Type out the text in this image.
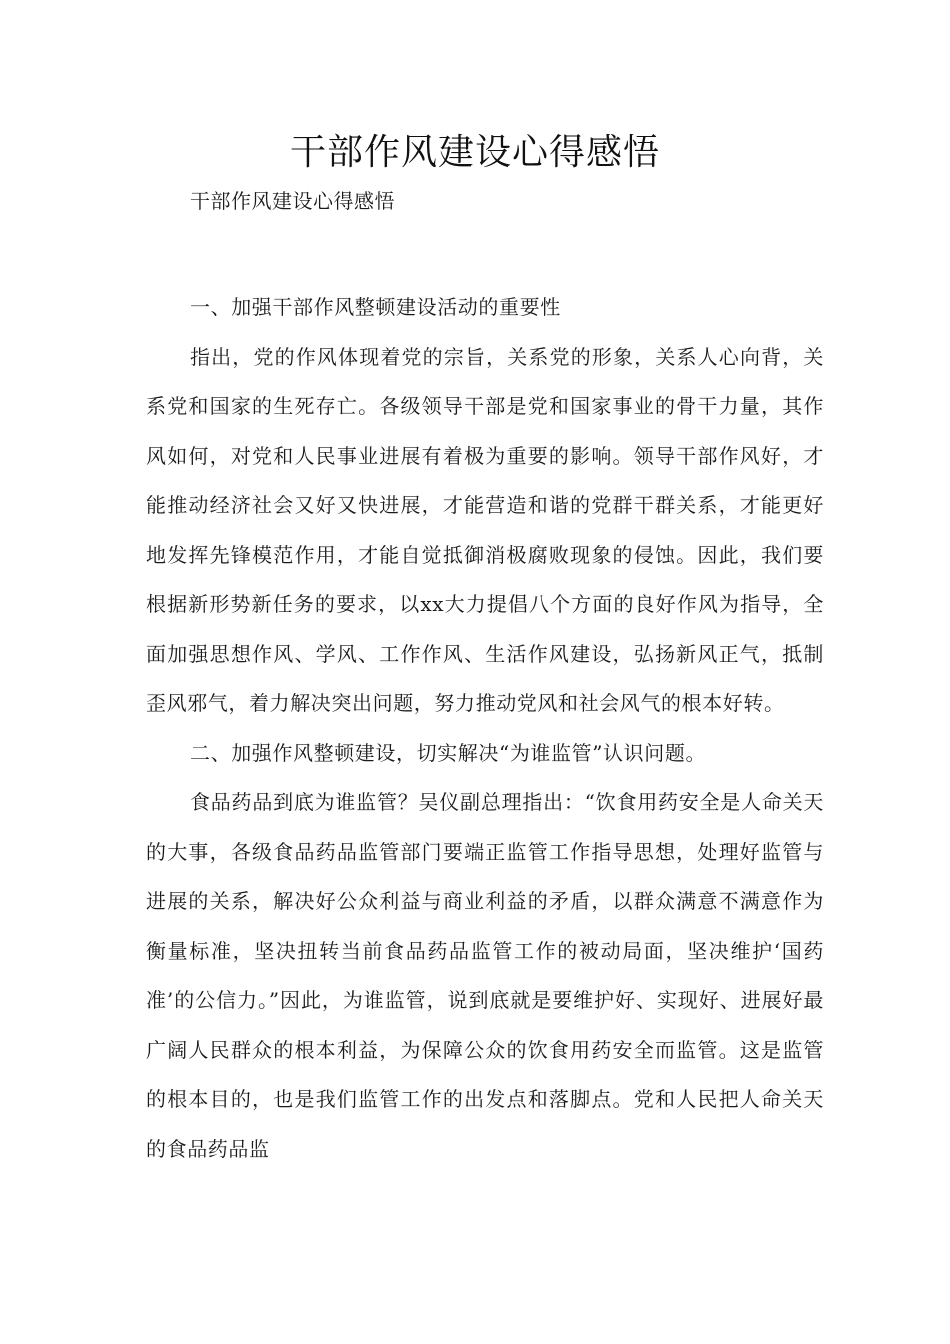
干部作风建设心得感悟
干部作风建设心得感悟

一、加强干部作风整顿建设活动的重要性

指出，党的作风体现着党的宗旨，关系党的形象，关系人心向背，关系党和国家的生死存亡。各级领导干部是党和国家事业的骨干力量，其作风如何，对党和人民事业进展有着极为重要的影响。领导干部作风好，才能推动经济社会又好又快进展，才能营造和谐的党群干群关系，才能更好地发挥先锋模范作用，才能自觉抵御消极腐败现象的侵蚀。因此，我们要根据新形势新任务的要求，以xx大力提倡八个方面的良好作风为指导，全面加强思想作风、学风、工作作风、生活作风建设，弘扬新风正气，抵制歪风邪气，着力解决突出问题，努力推动党风和社会风气的根本好转。

二、加强作风整顿建设，切实解决“为谁监管”认识问题。

食品药品到底为谁监管？吴仪副总理指出：“饮食用药安全是人命关天的大事，各级食品药品监管部门要端正监管工作指导思想，处理好监管与进展的关系，解决好公众利益与商业利益的矛盾，以群众满意不满意作为衡量标准，坚决扭转当前食品药品监管工作的被动局面，坚决维护‘国药准’的公信力。”因此，为谁监管，说到底就是要维护好、实现好、进展好最广阔人民群众的根本利益，为保障公众的饮食用药安全而监管。这是监管的根本目的，也是我们监管工作的出发点和落脚点。党和人民把人命关天的食品药品监
